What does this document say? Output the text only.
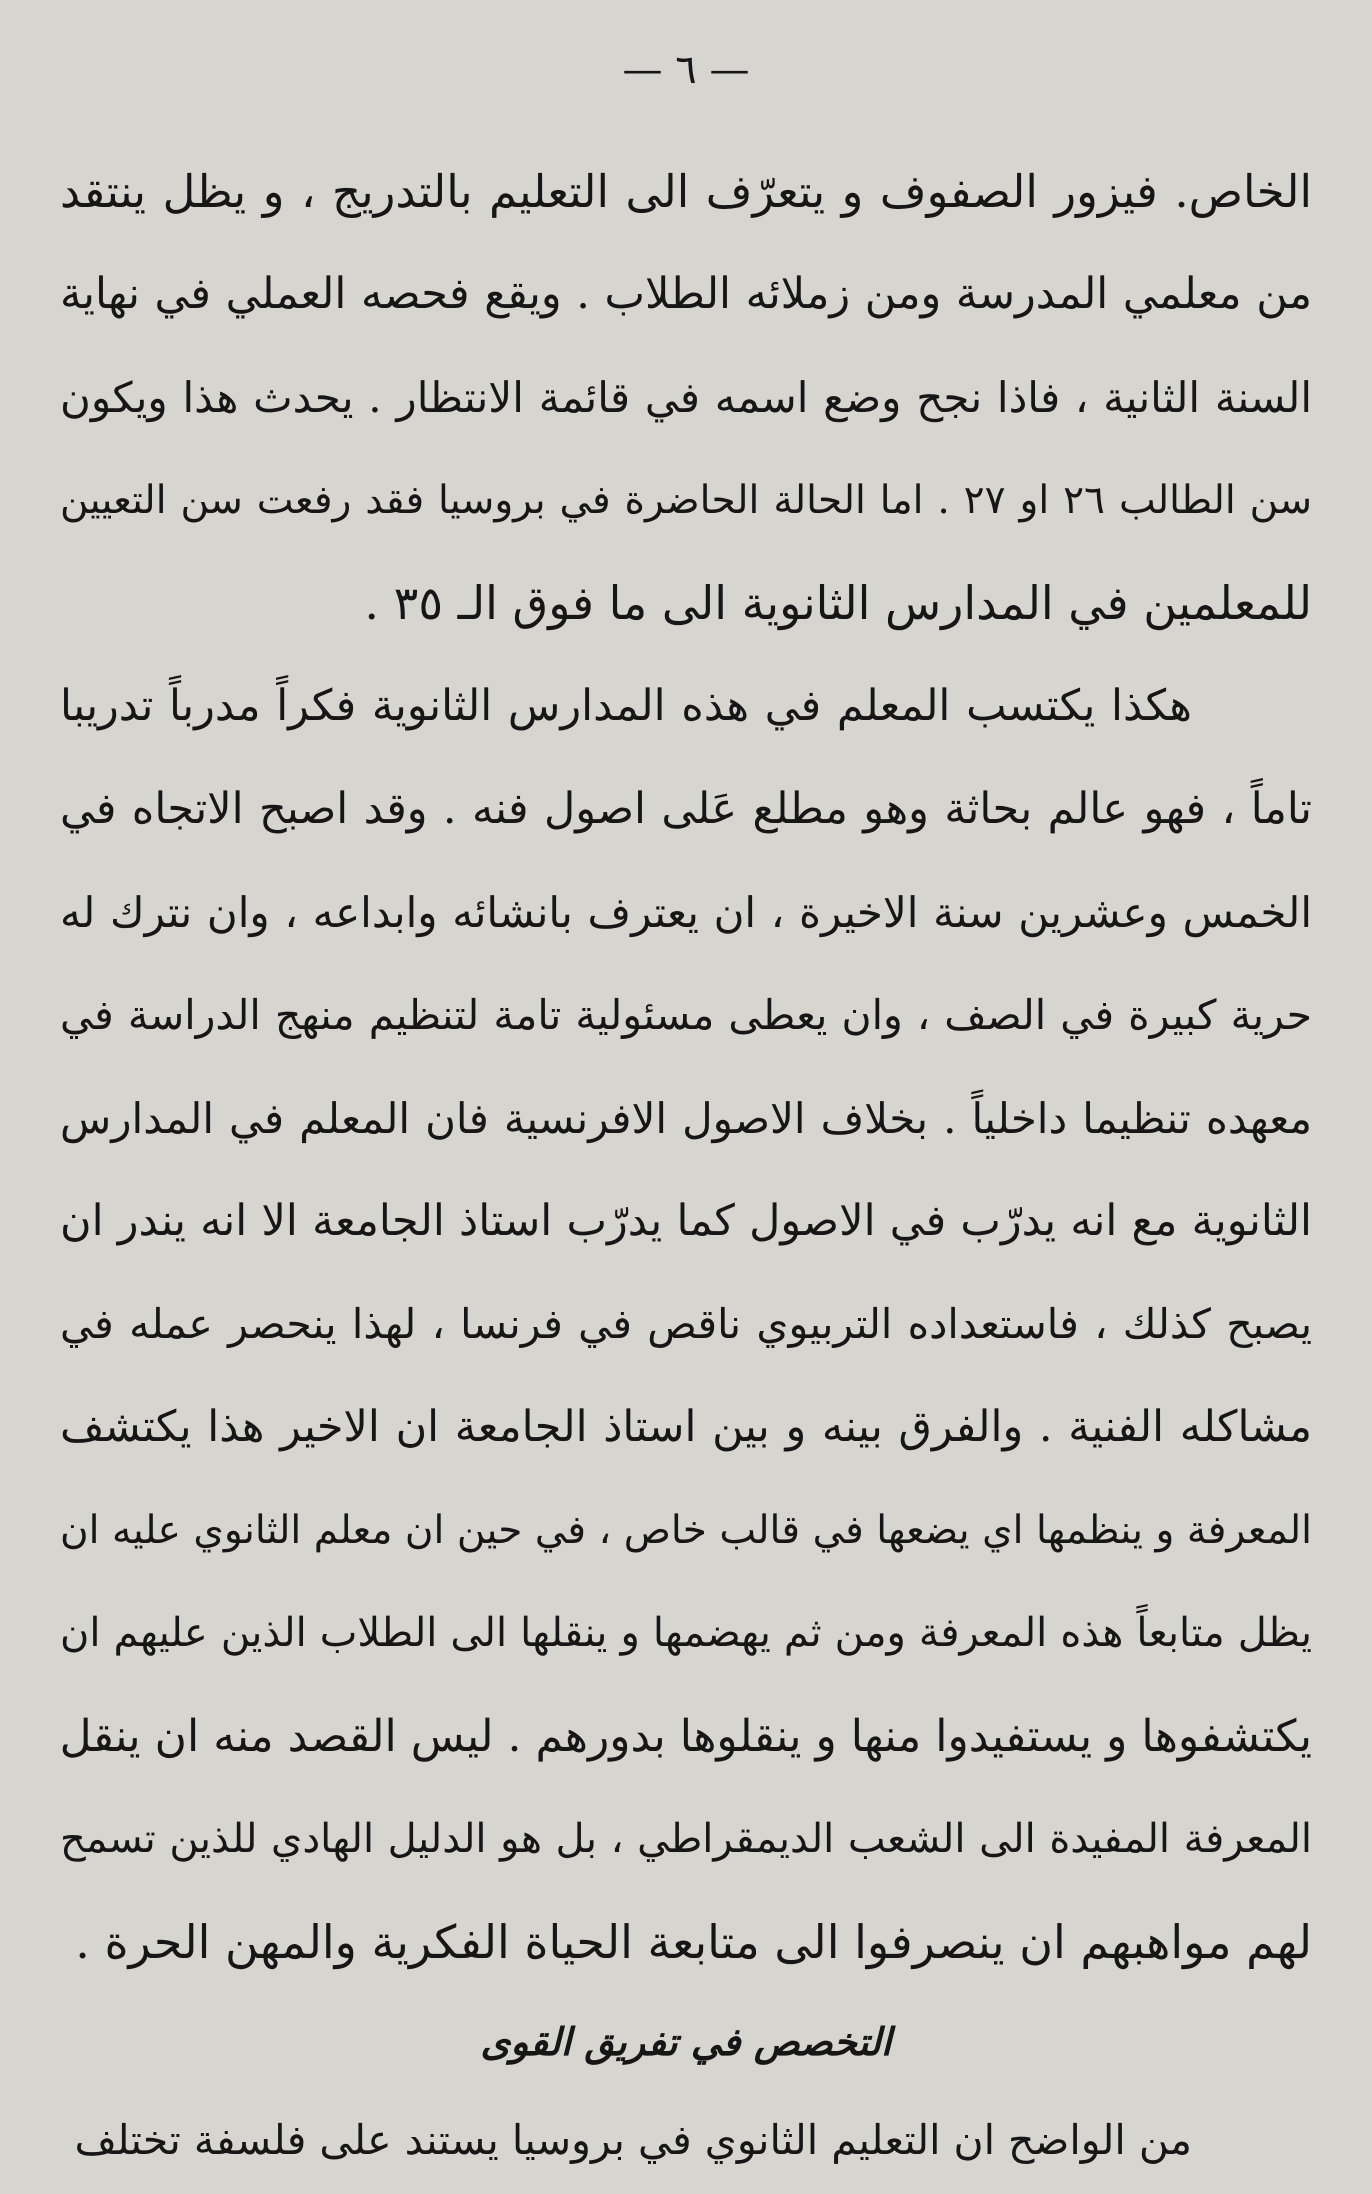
— ٦ —
الخاص. فيزور الصفوف و يتعرّف الى التعليم بالتدريج ، و يظل ينتقد
من معلمي المدرسة ومن زملائه الطلاب . ويقع فحصه العملي في نهاية
السنة الثانية ، فاذا نجح وضع اسمه في قائمة الانتظار . يحدث هذا ويكون
سن الطالب ٢٦ او ٢٧ . اما الحالة الحاضرة في بروسيا فقد رفعت سن التعيين
للمعلمين في المدارس الثانوية الى ما فوق الـ ٣٥ .
هكذا يكتسب المعلم في هذه المدارس الثانوية فكراً مدرباً تدريبا
تاماً ، فهو عالم بحاثة وهو مطلع عَلى اصول فنه . وقد اصبح الاتجاه في
الخمس وعشرين سنة الاخيرة ، ان يعترف بانشائه وابداعه ، وان نترك له
حرية كبيرة في الصف ، وان يعطى مسئولية تامة لتنظيم منهج الدراسة في
معهده تنظيما داخلياً . بخلاف الاصول الافرنسية فان المعلم في المدارس
الثانوية مع انه يدرّب في الاصول كما يدرّب استاذ الجامعة الا انه يندر ان
يصبح كذلك ، فاستعداده التربيوي ناقص في فرنسا ، لهذا ينحصر عمله في
مشاكله الفنية . والفرق بينه و بين استاذ الجامعة ان الاخير هذا يكتشف
المعرفة و ينظمها اي يضعها في قالب خاص ، في حين ان معلم الثانوي عليه ان
يظل متابعاً هذه المعرفة ومن ثم يهضمها و ينقلها الى الطلاب الذين عليهم ان
يكتشفوها و يستفيدوا منها و ينقلوها بدورهم . ليس القصد منه ان ينقل
المعرفة المفيدة الى الشعب الديمقراطي ، بل هو الدليل الهادي للذين تسمح
لهم مواهبهم ان ينصرفوا الى متابعة الحياة الفكرية والمهن الحرة .
التخصص في تفريق القوى
من الواضح ان التعليم الثانوي في بروسيا يستند على فلسفة تختلف
